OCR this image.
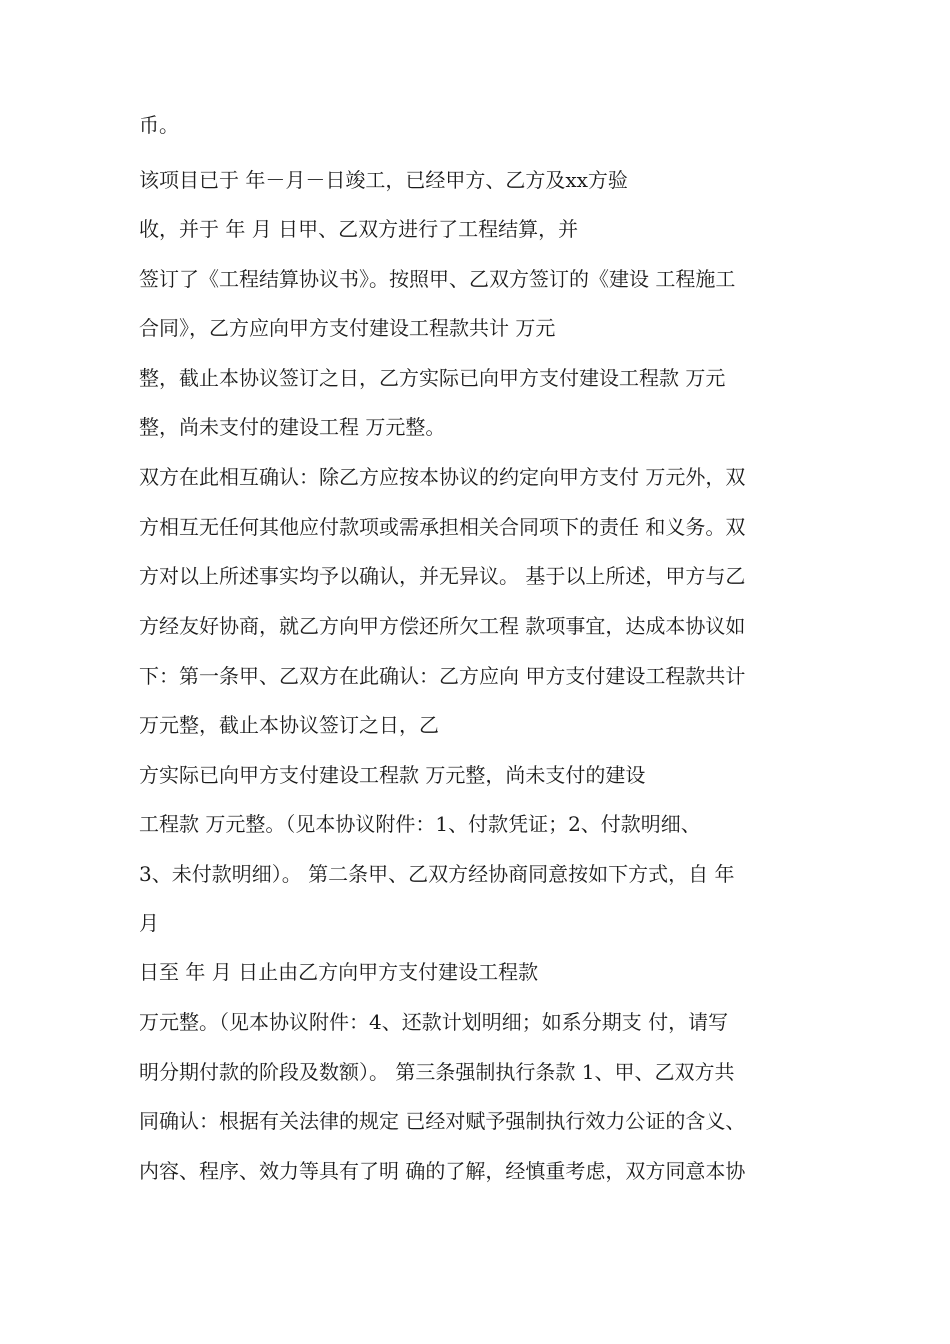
币。
该项目已于 年－月－日竣工，已经甲方、乙方及xx方验
收，并于 年 月 日甲、乙双方进行了工程结算，并
签订了《工程结算协议书》。按照甲、乙双方签订的《建设 工程施工
合同》，乙方应向甲方支付建设工程款共计 万元
整，截止本协议签订之日，乙方实际已向甲方支付建设工程款 万元
整，尚未支付的建设工程 万元整。
双方在此相互确认：除乙方应按本协议的约定向甲方支付 万元外，双
方相互无任何其他应付款项或需承担相关合同项下的责任 和义务。双
方对以上所述事实均予以确认，并无异议。 基于以上所述，甲方与乙
方经友好协商，就乙方向甲方偿还所欠工程 款项事宜，达成本协议如
下：第一条甲、乙双方在此确认：乙方应向 甲方支付建设工程款共计
万元整，截止本协议签订之日，乙
方实际已向甲方支付建设工程款 万元整，尚未支付的建设
工程款 万元整。（见本协议附件：1、付款凭证；2、付款明细、
3、未付款明细）。 第二条甲、乙双方经协商同意按如下方式，自 年
月
日至 年 月 日止由乙方向甲方支付建设工程款
万元整。（见本协议附件：4、还款计划明细；如系分期支 付，请写
明分期付款的阶段及数额）。 第三条强制执行条款 1、甲、乙双方共
同确认：根据有关法律的规定 已经对赋予强制执行效力公证的含义、
内容、程序、效力等具有了明 确的了解，经慎重考虑，双方同意本协
